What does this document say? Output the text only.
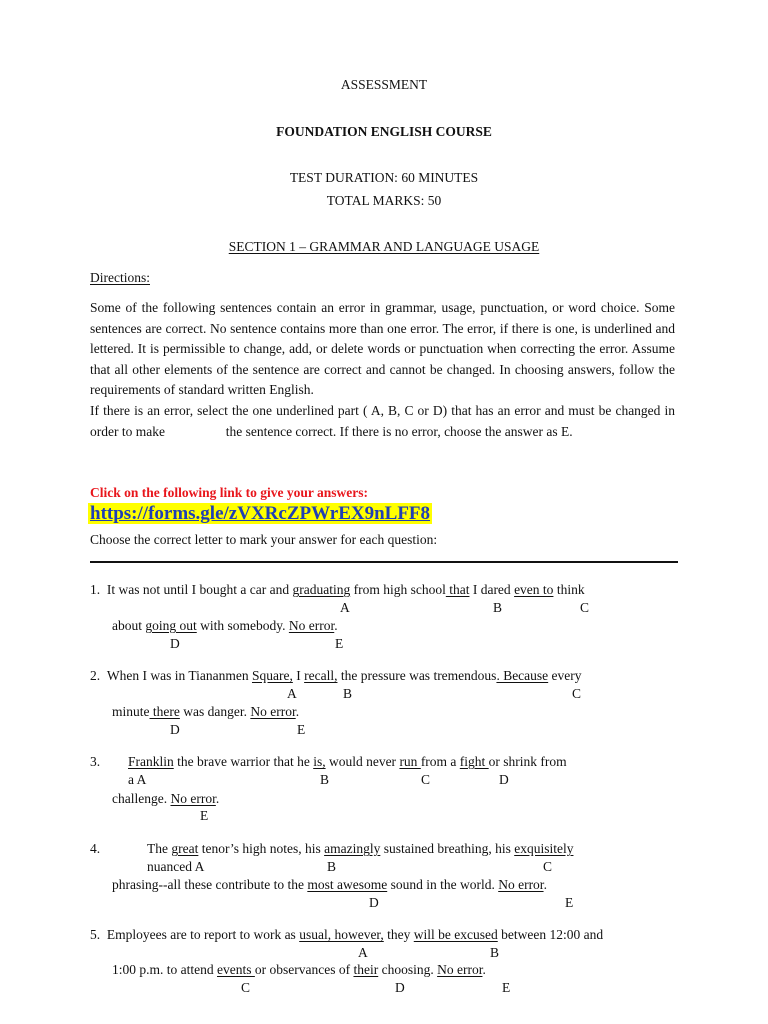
ASSESSMENT
FOUNDATION ENGLISH COURSE
TEST DURATION: 60 MINUTES
TOTAL MARKS: 50
SECTION 1 – GRAMMAR AND LANGUAGE USAGE
Directions:
Some of the following sentences contain an error in grammar, usage, punctuation, or word choice. Some sentences are correct. No sentence contains more than one error. The error, if there is one, is underlined and lettered. It is permissible to change, add, or delete words or punctuation when correcting the error. Assume that all other elements of the sentence are correct and cannot be changed. In choosing answers, follow the requirements of standard written English.
If there is an error, select the one underlined part ( A, B, C or D) that has an error and must be changed in order to make                  the sentence correct. If there is no error, choose the answer as E.
Click on the following link to give your answers:
https://forms.gle/zVXRcZPWrEX9nLFF8
Choose the correct letter to mark your answer for each question:
1.  It was not until I bought a car and graduating from high school that I dared even to think
A	B	C
about going out with somebody. No error.
D	E
2.  When I was in Tiananmen Square, I recall, the pressure was tremendous. Because every
A	B	C
minute there was danger. No error.
D	E
3. Franklin the brave warrior that he is, would never run from a fight or shrink from
a A	B	C	D
challenge. No error.
E
4.	The great tenor’s high notes, his amazingly sustained breathing, his exquisitely
nuanced A	B	C
phrasing--all these contribute to the most awesome sound in the world. No error.
D	E
5.  Employees are to report to work as usual, however, they will be excused between 12:00 and
A	B
1:00 p.m. to attend events or observances of their choosing. No error.
C	D	E
